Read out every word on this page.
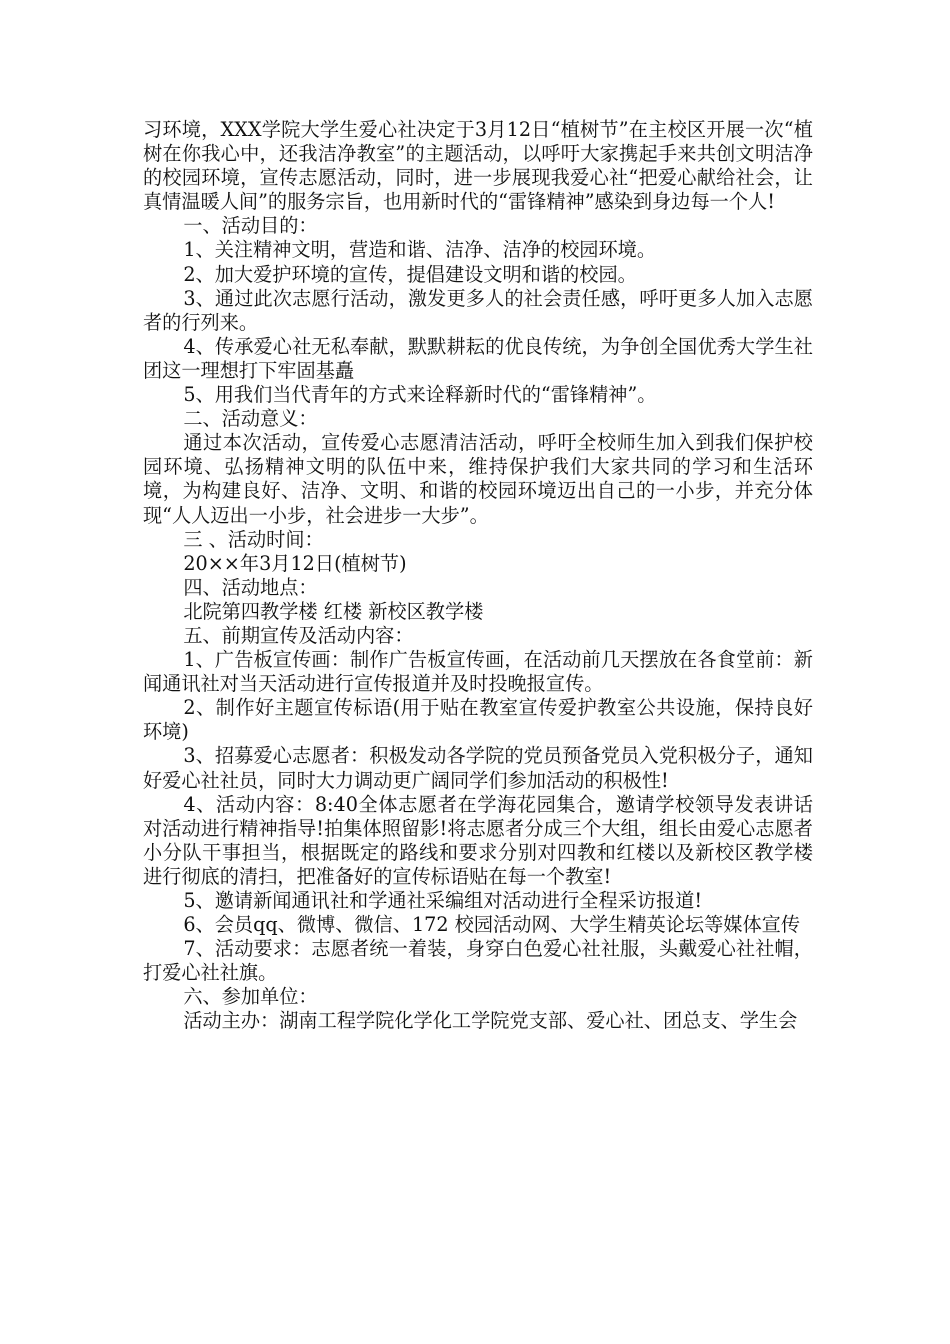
习环境，XXX学院大学生爱心社决定于3月12日“植树节”在主校区开展一次“植树在你我心中，还我洁净教室”的主题活动，以呼吁大家携起手来共创文明洁净的校园环境，宣传志愿活动，同时，进一步展现我爱心社“把爱心献给社会，让真情温暖人间”的服务宗旨，也用新时代的“雷锋精神”感染到身边每一个人!

一、活动目的：

1、关注精神文明，营造和谐、洁净、洁净的校园环境。

2、加大爱护环境的宣传，提倡建设文明和谐的校园。

3、通过此次志愿行活动，激发更多人的社会责任感，呼吁更多人加入志愿者的行列来。

4、传承爱心社无私奉献，默默耕耘的优良传统，为争创全国优秀大学生社团这一理想打下牢固基矗

5、用我们当代青年的方式来诠释新时代的“雷锋精神”。

二、活动意义：

通过本次活动，宣传爱心志愿清洁活动，呼吁全校师生加入到我们保护校园环境、弘扬精神文明的队伍中来，维持保护我们大家共同的学习和生活环境，为构建良好、洁净、文明、和谐的校园环境迈出自己的一小步，并充分体现“人人迈出一小步，社会进步一大步”。

三 、活动时间：

20××年3月12日(植树节)

四、活动地点：

北院第四教学楼 红楼 新校区教学楼

五、前期宣传及活动内容：

1、广告板宣传画：制作广告板宣传画，在活动前几天摆放在各食堂前：新闻通讯社对当天活动进行宣传报道并及时投晚报宣传。

2、制作好主题宣传标语(用于贴在教室宣传爱护教室公共设施，保持良好环境)

3、招募爱心志愿者：积极发动各学院的党员预备党员入党积极分子，通知好爱心社社员，同时大力调动更广阔同学们参加活动的积极性!

4、活动内容：8:40全体志愿者在学海花园集合，邀请学校领导发表讲话对活动进行精神指导!拍集体照留影!将志愿者分成三个大组，组长由爱心志愿者小分队干事担当，根据既定的路线和要求分别对四教和红楼以及新校区教学楼进行彻底的清扫，把准备好的宣传标语贴在每一个教室!

5、邀请新闻通讯社和学通社采编组对活动进行全程采访报道!

6、会员qq、微博、微信、172 校园活动网、大学生精英论坛等媒体宣传

7、活动要求：志愿者统一着装，身穿白色爱心社社服，头戴爱心社社帽，打爱心社社旗。

六、参加单位：

活动主办：湖南工程学院化学化工学院党支部、爱心社、团总支、学生会
